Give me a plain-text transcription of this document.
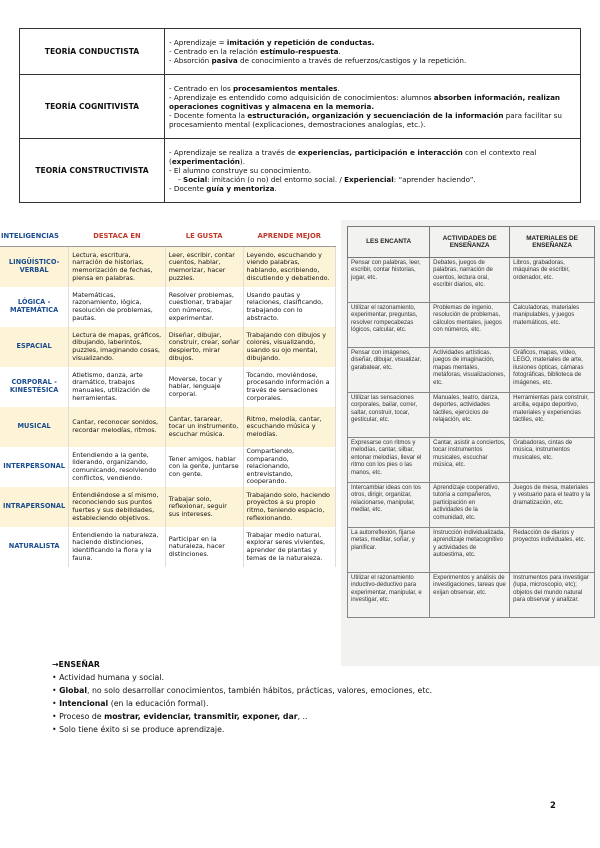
TEORÍA CONDUCTISTA	- Aprendizaje = imitación y repetición de conductas.
- Centrado en la relación estímulo-respuesta.
- Absorción pasiva de conocimiento a través de refuerzos/castigos y la repetición.

TEORÍA COGNITIVISTA	- Centrado en los procesamientos mentales.
- Aprendizaje es entendido como adquisición de conocimientos: alumnos absorben información, realizan operaciones cognitivas y almacena en la memoria.
- Docente fomenta la estructuración, organización y secuenciación de la información para facilitar su procesamiento mental (explicaciones, demostraciones analogías, etc.).

TEORÍA CONSTRUCTIVISTA	- Aprendizaje se realiza a través de experiencias, participación e interacción con el contexto real (experimentación).
- El alumno construye su conocimiento.
- Social: imitación (o no) del entorno social. / Experiencial: “aprender haciendo”.
- Docente guía y mentoriza.
INTELIGENCIAS	DESTACA EN	LE GUSTA	APRENDE MEJOR
LINGÜÍSTICO-VERBAL	Lectura, escritura, narración de historias, memorización de fechas, piensa en palabras.	Leer, escribir, contar cuentos, hablar, memorizar, hacer puzzles.	Leyendo, escuchando y viendo palabras, hablando, escribiendo, discutiendo y debatiendo.
LÓGICA - MATEMÁTICA	Matemáticas, razonamiento, lógica, resolución de problemas, pautas.	Resolver problemas, cuestionar, trabajar con números, experimentar.	Usando pautas y relaciones, clasificando, trabajando con lo abstracto.
ESPACIAL	Lectura de mapas, gráficos, dibujando, laberintos, puzzles, imaginando cosas, visualizando.	Diseñar, dibujar, construir, crear, soñar despierto, mirar dibujos.	Trabajando con dibujos y colores, visualizando, usando su ojo mental, dibujando.
CORPORAL - KINESTÉSICA	Atletismo, danza, arte dramático, trabajos manuales, utilización de herramientas.	Moverse, tocar y hablar, lenguaje corporal.	Tocando, moviéndose, procesando información a través de sensaciones corporales.
MUSICAL	Cantar, reconocer sonidos, recordar melodías, ritmos.	Cantar, tararear, tocar un instrumento, escuchar música.	Ritmo, melodía, cantar, escuchando música y melodías.
INTERPERSONAL	Entendiendo a la gente, liderando, organizando, comunicando, resolviendo conflictos, vendiendo.	Tener amigos, hablar con la gente, juntarse con gente.	Compartiendo, comparando, relacionando, entrevistando, cooperando.
INTRAPERSONAL	Entendiéndose a sí mismo, reconociendo sus puntos fuertes y sus debilidades, estableciendo objetivos.	Trabajar solo, reflexionar, seguir sus intereses.	Trabajando solo, haciendo proyectos a su propio ritmo, teniendo espacio, reflexionando.
NATURALISTA	Entendiendo la naturaleza, haciendo distinciones, identificando la flora y la fauna.	Participar en la naturaleza, hacer distinciones.	Trabajar medio natural, explorar seres vivientes, aprender de plantas y temas de la naturaleza.
LES ENCANTA	ACTIVIDADES DE ENSEÑANZA	MATERIALES DE ENSEÑANZA
Pensar con palabras, leer, escribir, contar historias, jugar, etc.	Debates, juegos de palabras, narración de cuentos, lectura oral, escribir diarios, etc.	Libros, grabadoras, máquinas de escribir, ordenador, etc.
Utilizar el razonamiento, experimentar, preguntas, resolver rompecabezas lógicos, calcular, etc.	Problemas de ingenio, resolución de problemas, cálculos mentales, juegos con números, etc.	Calculadoras, materiales manipulables, y juegos matemáticos, etc.
Pensar con imágenes, diseñar, dibujar, visualizar, garabatear, etc.	Actividades artísticas, juegos de imaginación, mapas mentales, metáforas, visualizaciones, etc.	Gráficos, mapas, vídeo, LEGO, materiales de arte, ilusiones ópticas, cámaras fotográficas, biblioteca de imágenes, etc.
Utilizar las sensaciones corporales, bailar, correr, saltar, construir, tocar, gesticular, etc.	Manuales, teatro, danza, deportes, actividades táctiles, ejercicios de relajación, etc.	Herramientas para construir, arcilla, equipo deportivo, materiales y experiencias táctiles, etc.
Expresarse con ritmos y melodías, cantar, silbar, entonar melodías, llevar el ritmo con los pies o las manos, etc.	Cantar, asistir a conciertos, tocar instrumentos musicales, escuchar música, etc.	Grabadoras, cintas de música, instrumentos musicales, etc.
Intercambiar ideas con los otros, dirigir, organizar, relacionarse, manipular, mediar, etc.	Aprendizaje cooperativo, tutoría a compañeros, participación en actividades de la comunidad, etc.	Juegos de mesa, materiales y vestuario para el teatro y la dramatización, etc.
La autorreflexión, fijarse metas, meditar, soñar, y planificar.	Instrucción individualizada, aprendizaje metacognitivo y actividades de autoestima, etc.	Redacción de diarios y proyectos individuales, etc.
Utilizar el razonamiento inductivo-deductivo para experimentar, manipular, e investigar, etc.	Experimentos y análisis de investigaciones, tareas que exijan observar, etc.	Instrumentos para investigar (lupa, microscopio, etc); objetos del mundo natural para observar y analizar.
→ENSEÑAR
• Actividad humana y social.
• Global, no solo desarrollar conocimientos, también hábitos, prácticas, valores, emociones, etc.
• Intencional (en la educación formal).
• Proceso de mostrar, evidenciar, transmitir, exponer, dar, ..
• Solo tiene éxito si se produce aprendizaje.
2
